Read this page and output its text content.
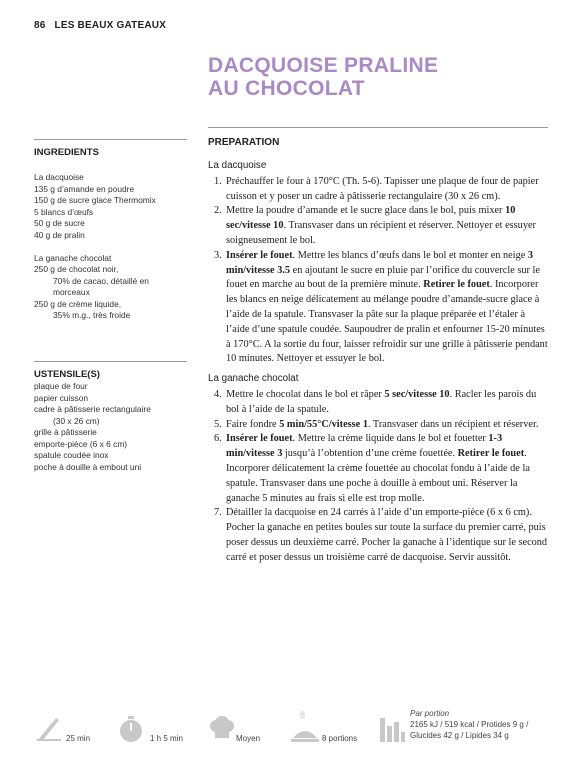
86 LES BEAUX GATEAUX
DACQUOISE PRALINE
AU CHOCOLAT
INGREDIENTS
La dacquoise
135 g d’amande en poudre
150 g de sucre glace Thermomix
5 blancs d’œufs
50 g de sucre
40 g de pralin
La ganache chocolat
250 g de chocolat noir,
70% de cacao, détaillé en
morceaux
250 g de crème liquide,
35% m.g., très froide
USTENSILE(S)
plaque de four
papier cuisson
cadre à pâtisserie rectangulaire
(30 x 26 cm)
grille à pâtisserie
emporte-pièce (6 x 6 cm)
spatule coudée inox
poche à douille à embout uni
PREPARATION
La dacquoise
1. Préchauffer le four à 170°C (Th. 5-6). Tapisser une plaque de four de papier cuisson et y poser un cadre à pâtisserie rectangulaire (30 x 26 cm).
2. Mettre la poudre d’amande et le sucre glace dans le bol, puis mixer 10 sec/vitesse 10. Transvaser dans un récipient et réserver. Nettoyer et essuyer soigneusement le bol.
3. Insérer le fouet. Mettre les blancs d’œufs dans le bol et monter en neige 3 min/vitesse 3.5 en ajoutant le sucre en pluie par l’orifice du couvercle sur le fouet en marche au bout de la première minute. Retirer le fouet. Incorporer les blancs en neige délicatement au mélange poudre d’amande-sucre glace à l’aide de la spatule. Transvaser la pâte sur la plaque préparée et l’étaler à l’aide d’une spatule coudée. Saupoudrer de pralin et enfourner 15-20 minutes à 170°C. A la sortie du four, laisser refroidir sur une grille à pâtisserie pendant 10 minutes. Nettoyer et essuyer le bol.
La ganache chocolat
4. Mettre le chocolat dans le bol et râper 5 sec/vitesse 10. Racler les parois du bol à l’aide de la spatule.
5. Faire fondre 5 min/55°C/vitesse 1. Transvaser dans un récipient et réserver.
6. Insérer le fouet. Mettre la crème liquide dans le bol et fouetter 1-3 min/vitesse 3 jusqu’à l’obtention d’une crème fouettée. Retirer le fouet. Incorporer délicatement la crème fouettée au chocolat fondu à l’aide de la spatule. Transvaser dans une poche à douille à embout uni. Réserver la ganache 5 minutes au frais si elle est trop molle.
7. Détailler la dacquoise en 24 carrés à l’aide d’un emporte-pièce (6 x 6 cm). Pocher la ganache en petites boules sur toute la surface du premier carré, puis poser dessus un deuxième carré. Pocher la ganache à l’identique sur le second carré et poser dessus un troisième carré de dacquoise. Servir aussitôt.
25 min	1 h 5 min	Moyen
8
8 portions
Par portion
2165 kJ / 519 kcal / Protides 9 g /
Glucides 42 g / Lipides 34 g
